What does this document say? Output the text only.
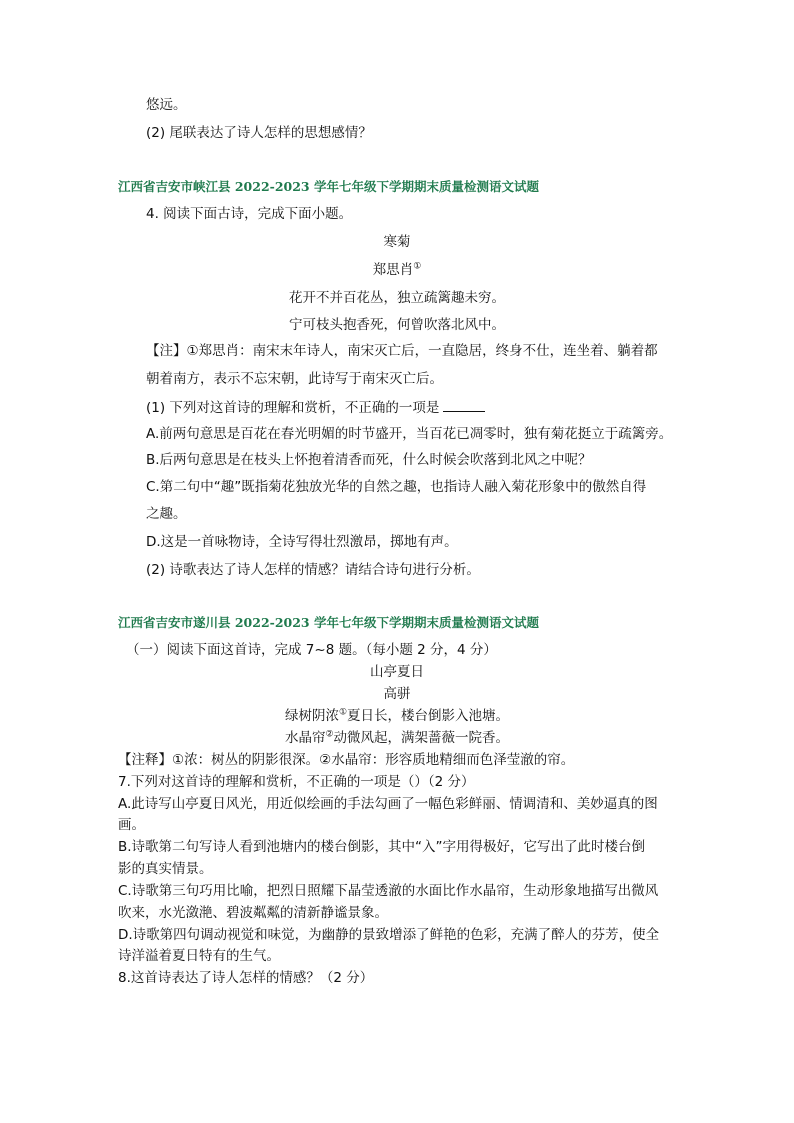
悠远。
(2) 尾联表达了诗人怎样的思想感情？
江西省吉安市峡江县 2022-2023 学年七年级下学期期末质量检测语文试题
4. 阅读下面古诗，完成下面小题。
寒菊
郑思肖①
花开不并百花丛，独立疏篱趣未穷。
宁可枝头抱香死，何曾吹落北风中。
【注】①郑思肖：南宋末年诗人，南宋灭亡后，一直隐居，终身不仕，连坐着、躺着都
朝着南方，表示不忘宋朝，此诗写于南宋灭亡后。
(1) 下列对这首诗的理解和赏析，不正确的一项是
A.前两句意思是百花在春光明媚的时节盛开，当百花已凋零时，独有菊花挺立于疏篱旁。
B.后两句意思是在枝头上怀抱着清香而死，什么时候会吹落到北风之中呢？
C.第二句中“趣”既指菊花独放光华的自然之趣，也指诗人融入菊花形象中的傲然自得
之趣。
D.这是一首咏物诗，全诗写得壮烈激昂，掷地有声。
(2) 诗歌表达了诗人怎样的情感？请结合诗句进行分析。
江西省吉安市遂川县 2022-2023 学年七年级下学期期末质量检测语文试题
（一）阅读下面这首诗，完成 7~8 题。（每小题 2 分，4 分）
山亭夏日
高骈
绿树阴浓①夏日长，楼台倒影入池塘。
水晶帘②动微风起，满架蔷薇一院香。
【注释】①浓：树丛的阴影很深。②水晶帘：形容质地精细而色泽莹澈的帘。
7.下列对这首诗的理解和赏析，不正确的一项是（）（2 分）
A.此诗写山亭夏日风光，用近似绘画的手法勾画了一幅色彩鲜丽、情调清和、美妙逼真的图
画。
B.诗歌第二句写诗人看到池塘内的楼台倒影，其中“入”字用得极好，它写出了此时楼台倒
影的真实情景。
C.诗歌第三句巧用比喻，把烈日照耀下晶莹透澈的水面比作水晶帘，生动形象地描写出微风
吹来，水光潋滟、碧波粼粼的清新静谧景象。
D.诗歌第四句调动视觉和味觉，为幽静的景致增添了鲜艳的色彩，充满了醉人的芬芳，使全
诗洋溢着夏日特有的生气。
8.这首诗表达了诗人怎样的情感？（2 分）
